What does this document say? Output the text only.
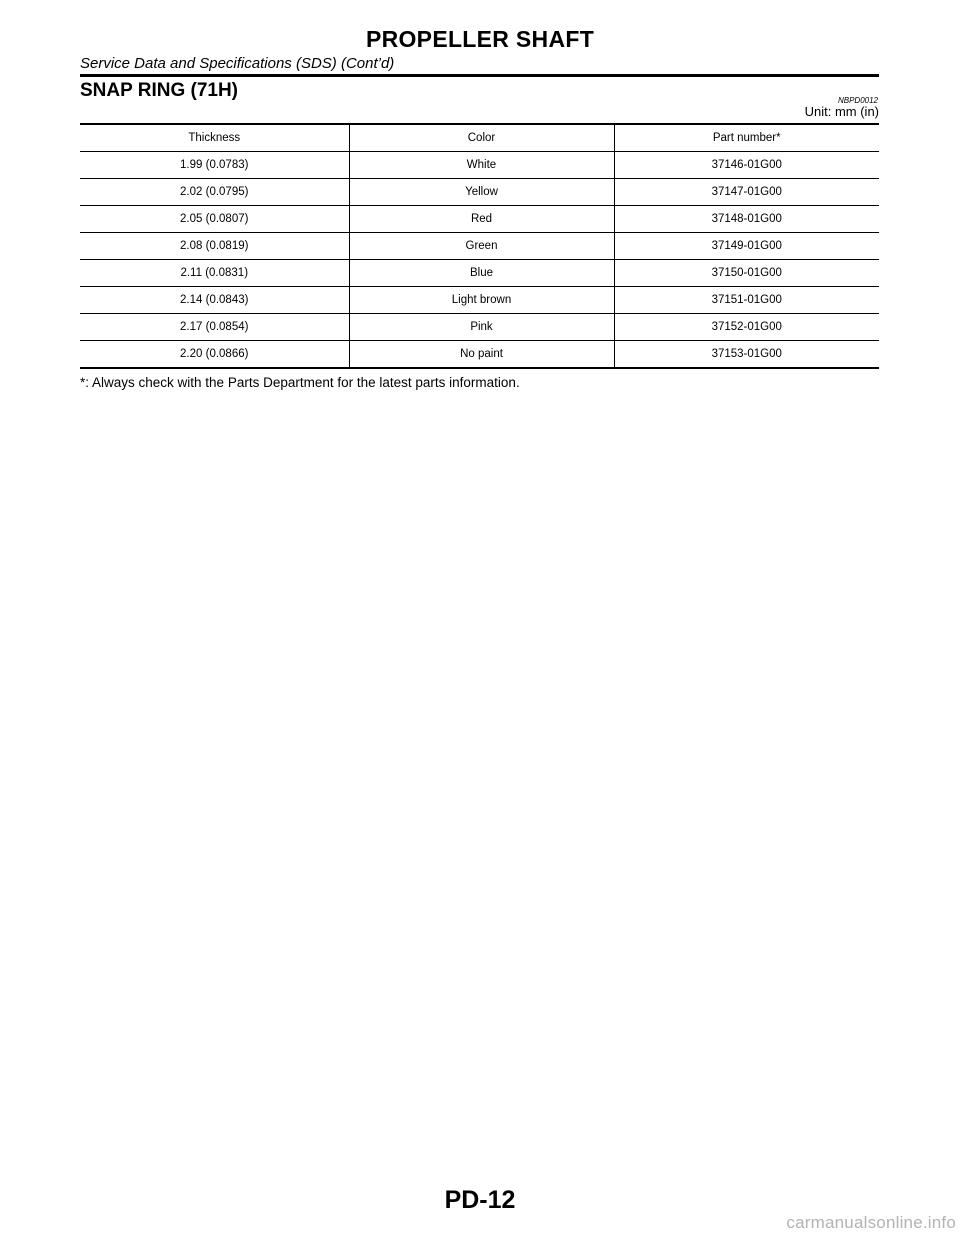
PROPELLER SHAFT
Service Data and Specifications (SDS) (Cont’d)
SNAP RING (71H)	NBPD0012
Unit: mm (in)
Thickness	Color	Part number*
1.99 (0.0783)	White	37146-01G00
2.02 (0.0795)	Yellow	37147-01G00
2.05 (0.0807)	Red	37148-01G00
2.08 (0.0819)	Green	37149-01G00
2.11 (0.0831)	Blue	37150-01G00
2.14 (0.0843)	Light brown	37151-01G00
2.17 (0.0854)	Pink	37152-01G00
2.20 (0.0866)	No paint	37153-01G00
*: Always check with the Parts Department for the latest parts information.
PD-12
carmanualsonline.info
